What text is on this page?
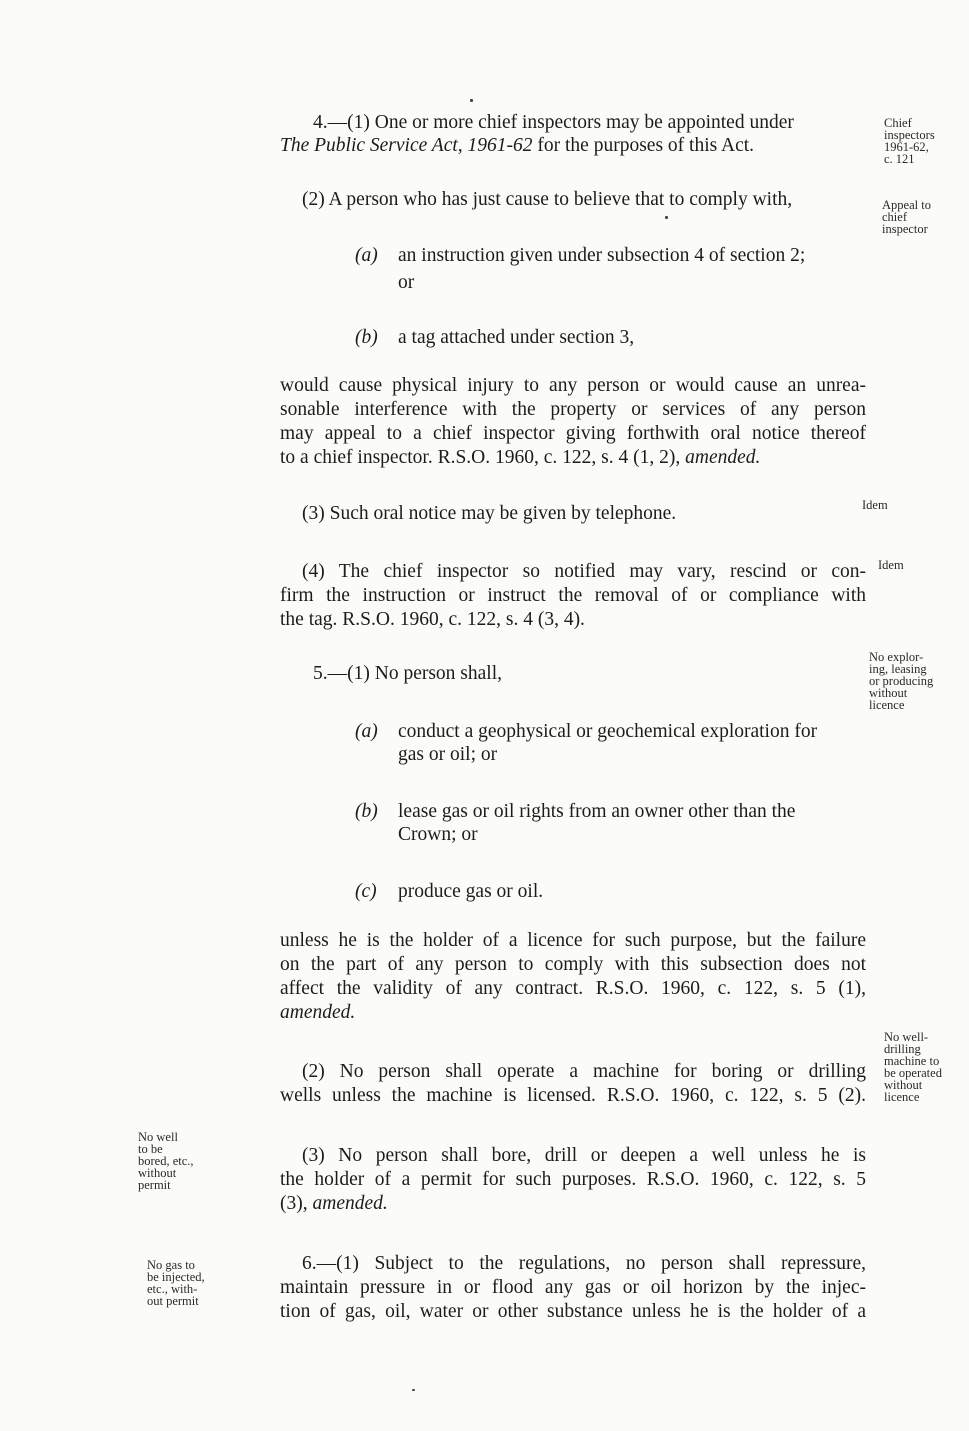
4.—(1) One or more chief inspectors may be appointed under

The Public Service Act, 1961-62 for the purposes of this Act.

(2) A person who has just cause to believe that to comply with,

(a) an instruction given under subsection 4 of section 2;

or

(b) a tag attached under section 3,

would cause physical injury to any person or would cause an unrea-

sonable interference with the property or services of any person

may appeal to a chief inspector giving forthwith oral notice thereof

to a chief inspector. R.S.O. 1960, c. 122, s. 4 (1, 2), amended.

(3) Such oral notice may be given by telephone.

(4) The chief inspector so notified may vary, rescind or con-

firm the instruction or instruct the removal of or compliance with

the tag. R.S.O. 1960, c. 122, s. 4 (3, 4).

5.—(1) No person shall,

(a) conduct a geophysical or geochemical exploration for

gas or oil; or

(b) lease gas or oil rights from an owner other than the

Crown; or

(c) produce gas or oil.

unless he is the holder of a licence for such purpose, but the failure

on the part of any person to comply with this subsection does not

affect the validity of any contract. R.S.O. 1960, c. 122, s. 5 (1),

amended.

(2) No person shall operate a machine for boring or drilling

wells unless the machine is licensed. R.S.O. 1960, c. 122, s. 5 (2).

(3) No person shall bore, drill or deepen a well unless he is

the holder of a permit for such purposes. R.S.O. 1960, c. 122, s. 5

(3), amended.

6.—(1) Subject to the regulations, no person shall repressure,

maintain pressure in or flood any gas or oil horizon by the injec-

tion of gas, oil, water or other substance unless he is the holder of a

Chief
inspectors
1961-62,
c. 121

Appeal to
chief
inspector

Idem

Idem

No explor-
ing, leasing
or producing
without
licence

No well-
drilling
machine to
be operated
without
licence

No well
to be
bored, etc.,
without
permit

No gas to
be injected,
etc., with-
out permit
